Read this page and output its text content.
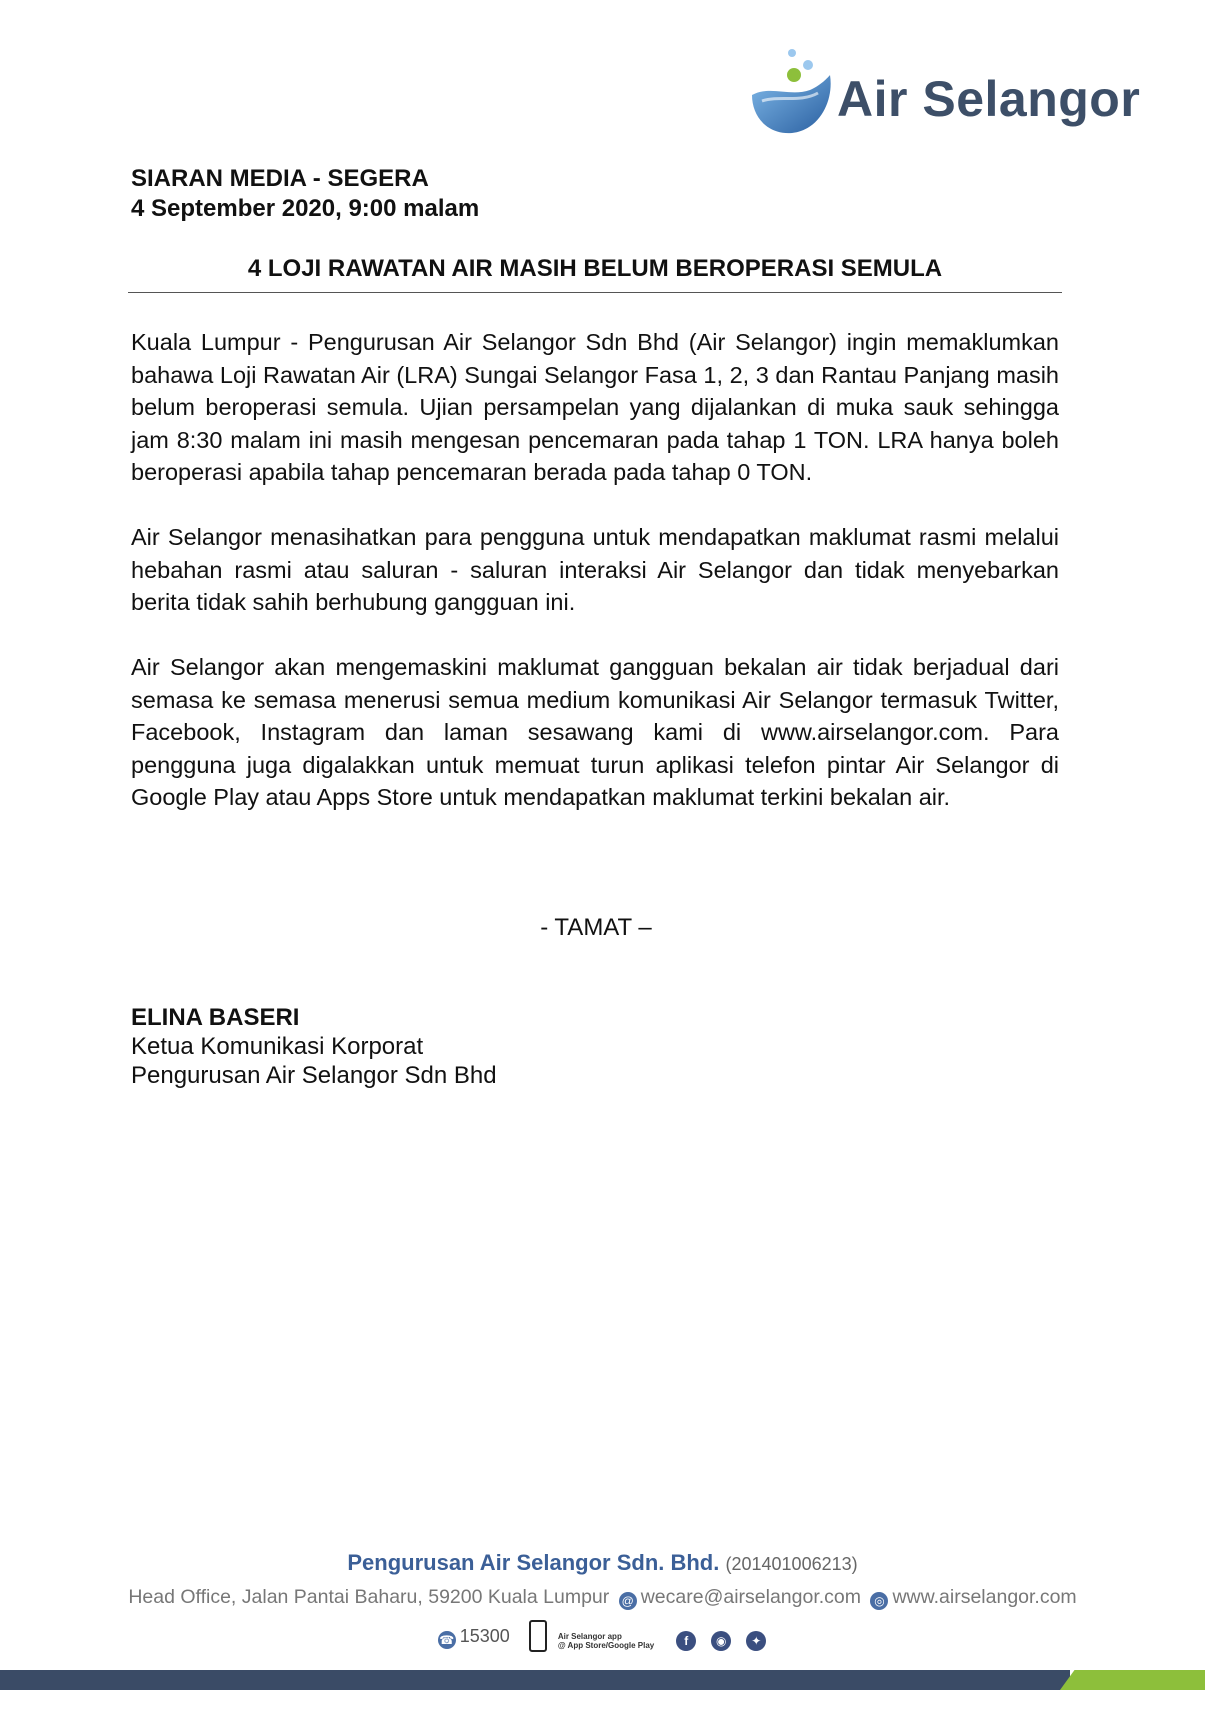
Air Selangor
SIARAN MEDIA - SEGERA
4 September 2020, 9:00 malam
4 LOJI RAWATAN AIR MASIH BELUM BEROPERASI SEMULA

Kuala Lumpur - Pengurusan Air Selangor Sdn Bhd (Air Selangor) ingin memaklumkan bahawa Loji Rawatan Air (LRA) Sungai Selangor Fasa 1, 2, 3 dan Rantau Panjang masih belum beroperasi semula. Ujian persampelan yang dijalankan di muka sauk sehingga jam 8:30 malam ini masih mengesan pencemaran pada tahap 1 TON. LRA hanya boleh beroperasi apabila tahap pencemaran berada pada tahap 0 TON.

Air Selangor menasihatkan para pengguna untuk mendapatkan maklumat rasmi melalui hebahan rasmi atau saluran - saluran interaksi Air Selangor dan tidak menyebarkan berita tidak sahih berhubung gangguan ini.

Air Selangor akan mengemaskini maklumat gangguan bekalan air tidak berjadual dari semasa ke semasa menerusi semua medium komunikasi Air Selangor termasuk Twitter, Facebook, Instagram dan laman sesawang kami di www.airselangor.com. Para pengguna juga digalakkan untuk memuat turun aplikasi telefon pintar Air Selangor di Google Play atau Apps Store untuk mendapatkan maklumat terkini bekalan air.

- TAMAT –
ELINA BASERI
Ketua Komunikasi Korporat
Pengurusan Air Selangor Sdn Bhd
Pengurusan Air Selangor Sdn. Bhd. (201401006213)
Head Office, Jalan Pantai Baharu, 59200 Kuala Lumpur @ wecare@airselangor.com ◎ www.airselangor.com
☎ 15300	Air Selangor app
@ App Store/Google Play	f ◉ ✦
